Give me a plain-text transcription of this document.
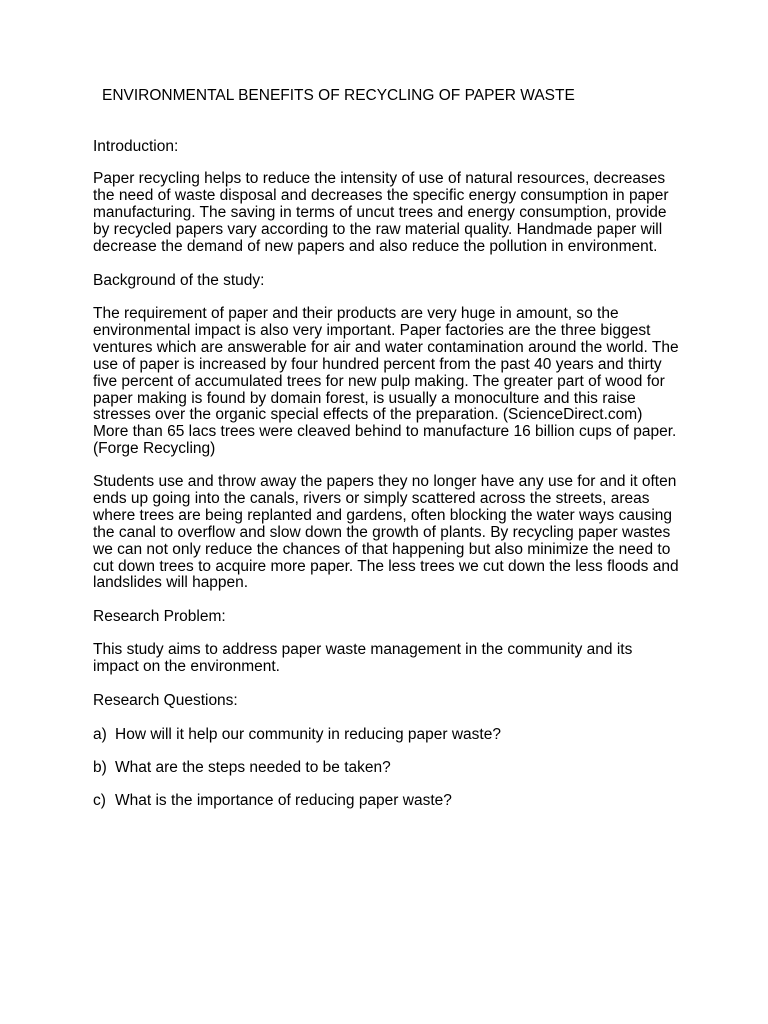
ENVIRONMENTAL BENEFITS OF RECYCLING OF PAPER WASTE

Introduction:

Paper recycling helps to reduce the intensity of use of natural resources, decreases the need of waste disposal and decreases the specific energy consumption in paper manufacturing. The saving in terms of uncut trees and energy consumption, provide by recycled papers vary according to the raw material quality. Handmade paper will decrease the demand of new papers and also reduce the pollution in environment.

Background of the study:

The requirement of paper and their products are very huge in amount, so the environmental impact is also very important. Paper factories are the three biggest ventures which are answerable for air and water contamination around the world. The use of paper is increased by four hundred percent from the past 40 years and thirty five percent of accumulated trees for new pulp making. The greater part of wood for paper making is found by domain forest, is usually a monoculture and this raise stresses over the organic special effects of the preparation. (ScienceDirect.com) More than 65 lacs trees were cleaved behind to manufacture 16 billion cups of paper. (Forge Recycling)

Students use and throw away the papers they no longer have any use for and it often ends up going into the canals, rivers or simply scattered across the streets, areas where trees are being replanted and gardens, often blocking the water ways causing the canal to overflow and slow down the growth of plants. By recycling paper wastes we can not only reduce the chances of that happening but also minimize the need to cut down trees to acquire more paper. The less trees we cut down the less floods and landslides will happen.

Research Problem:

This study aims to address paper waste management in the community and its impact on the environment.

Research Questions:

a) How will it help our community in reducing paper waste?

b) What are the steps needed to be taken?

c) What is the importance of reducing paper waste?
